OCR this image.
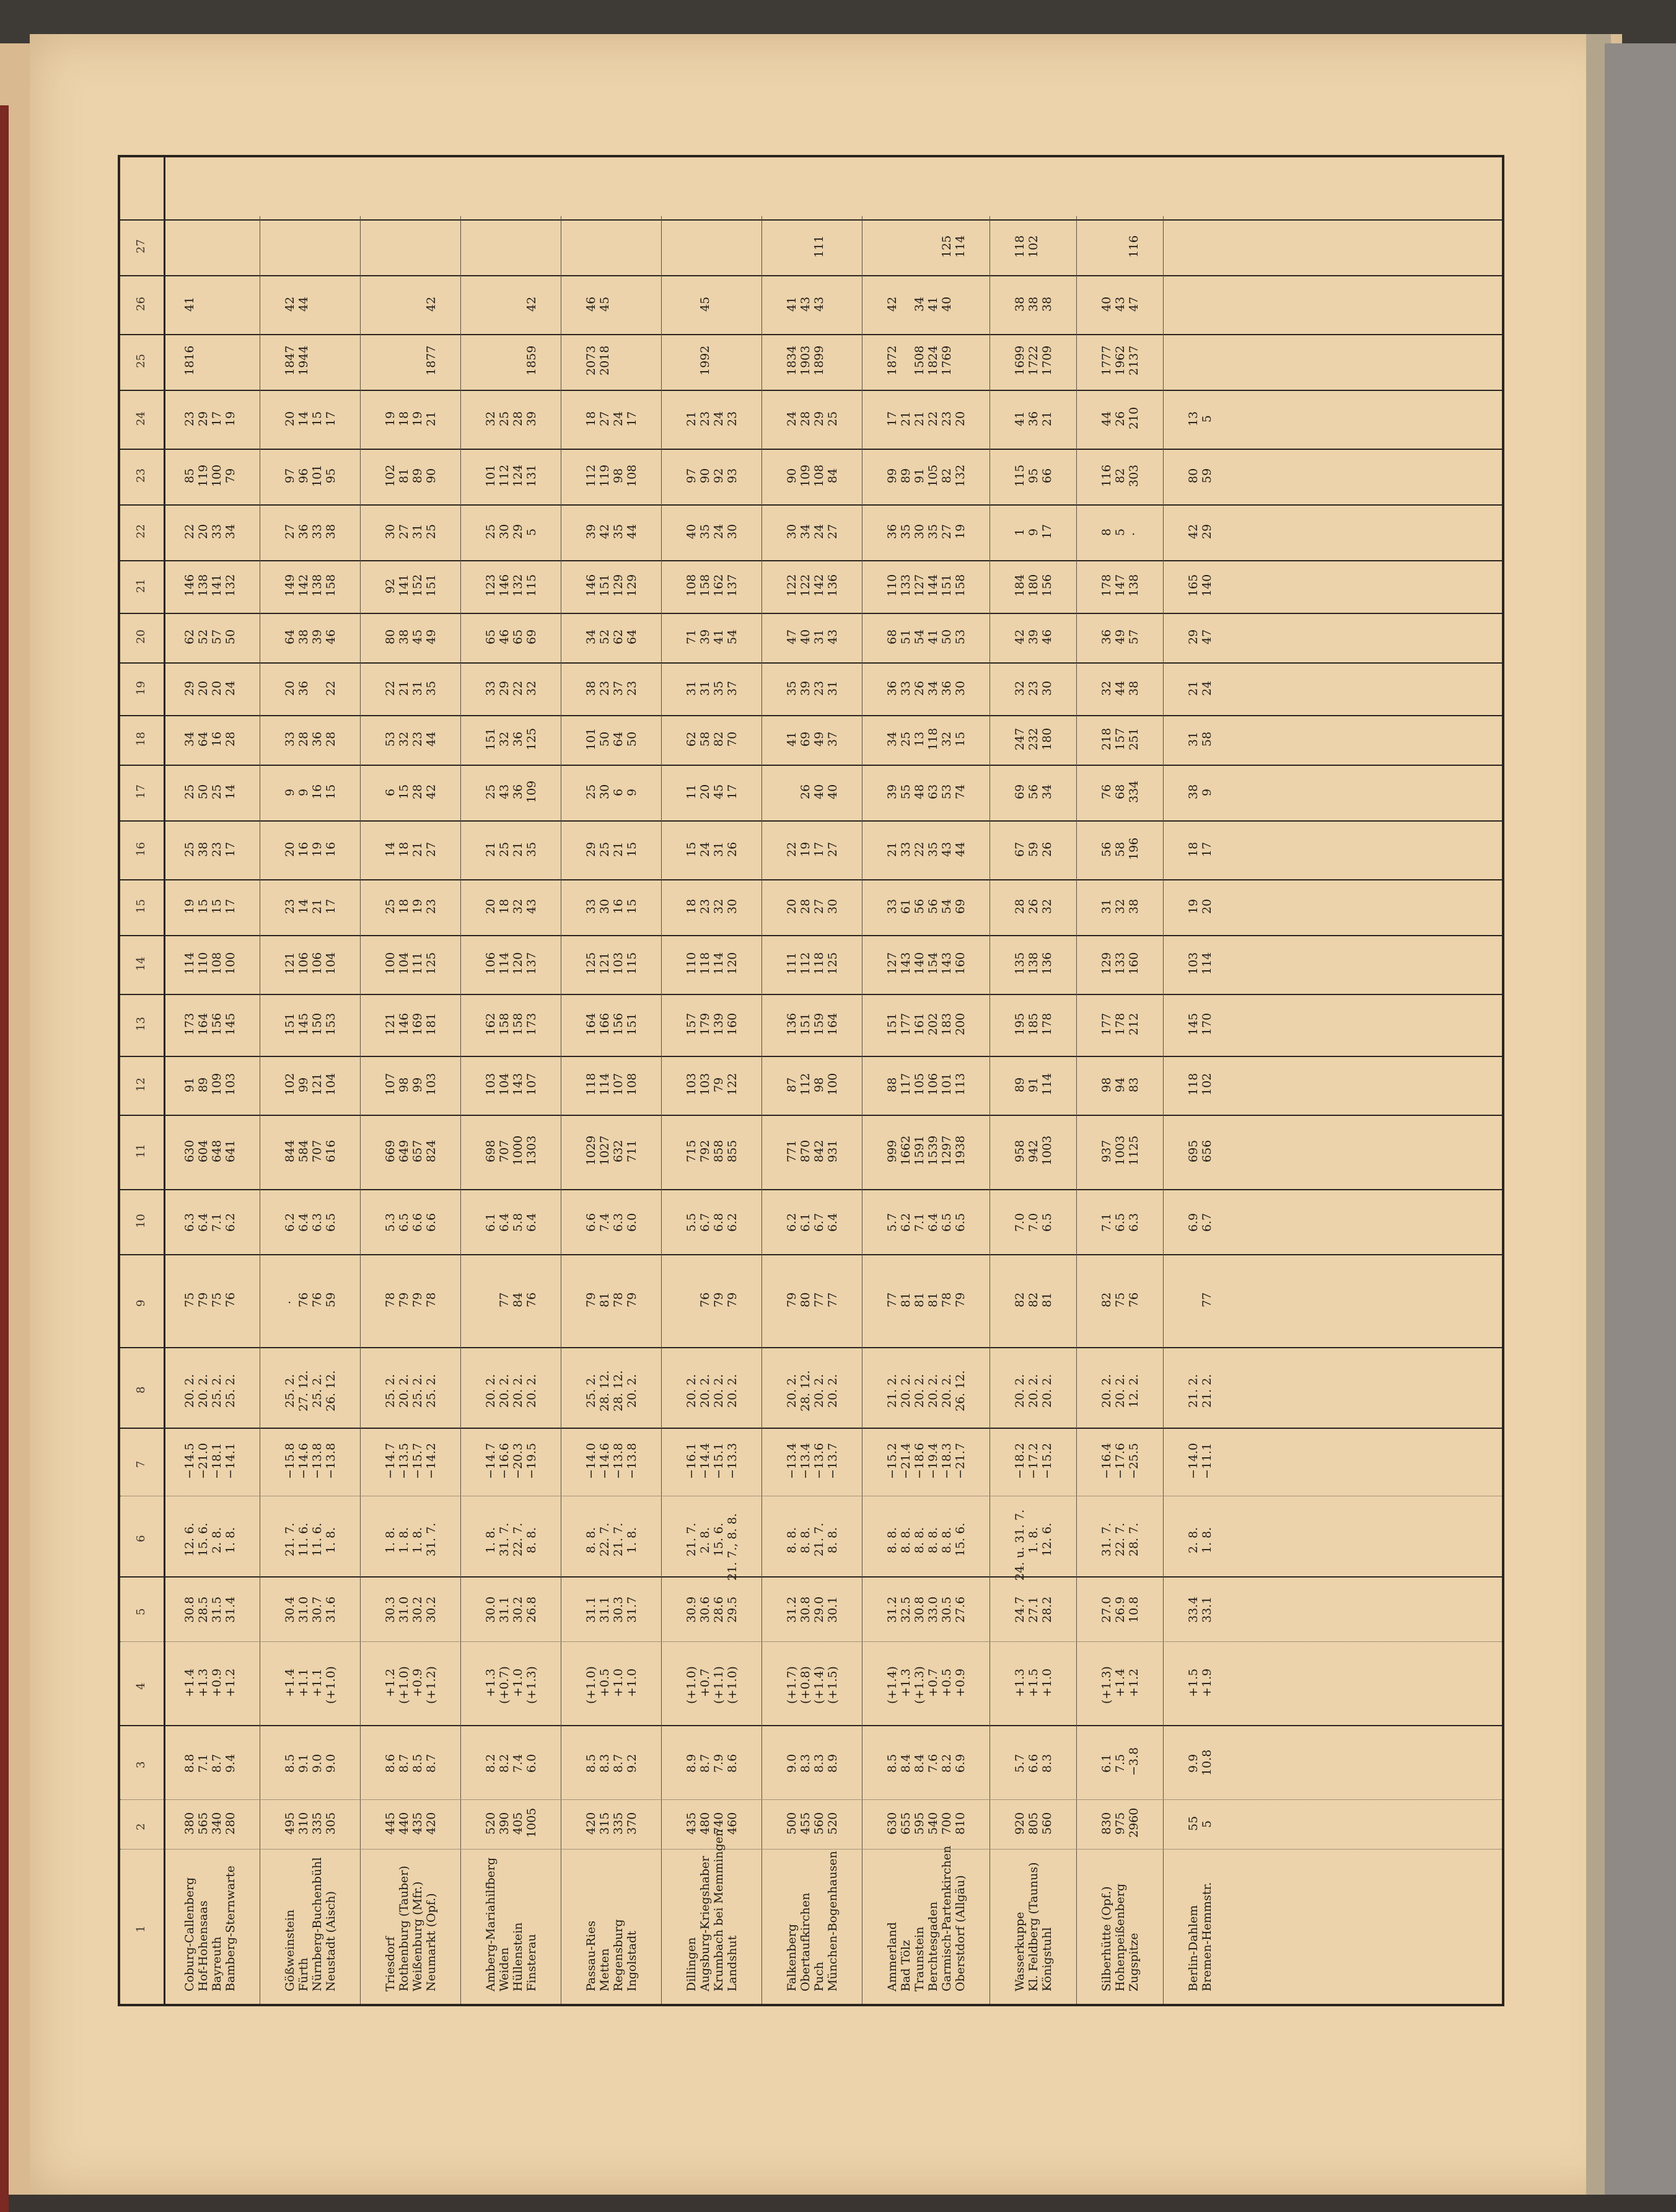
1
2
3
4
5
6
7
8
9
10
11
12
13
14
15
16
17
18
19
20
21
22
23
24
25
26
27
Coburg-Callenberg Hof-Hohensaas Bayreuth Bamberg-Sternwarte
380 565 340 280
8.8 7.1 8.7 9.4
+1.4 +1.3 +0.9 +1.2
30.8 28.5 31.5 31.4
12. 6. 15. 6. 2. 8. 1. 8.
−14.5 −21.0 −18.1 −14.1
20. 2. 20. 2. 25. 2. 25. 2.
75 79 75 76
6.3 6.4 7.1 6.2
630 604 648 641
91 89 109 103
173 164 156 145
114 110 108 100
19 15 15 17
25 38 23 17
25 50 25 14
34 64 16 28
29 20 20 24
62 52 57 50
146 138 141 132
22 20 33 34
85 119 100 79
23 29 17 19
1816
41
Gößweinstein Fürth Nürnberg-Buchenbühl Neustadt (Aisch)
495 310 335 305
8.5 9.1 9.0 9.0
+1.4 +1.1 +1.1 (+1.0)
30.4 31.0 30.7 31.6
21. 7. 11. 6. 11. 6. 1. 8.
−15.8 −14.6 −13.8 −13.8
25. 2. 27. 12. 25. 2. 26. 12.
· 76 76 59
6.2 6.4 6.3 6.5
844 584 707 616
102 99 121 104
151 145 150 153
121 106 106 104
23 14 21 17
20 16 19 16
9 9 16 15
33 28 36 28
20 36 22
64 38 39 46
149 142 138 158
27 36 33 38
97 96 101 95
20 14 15 17
1847 1944
42 44
Triesdorf Rothenburg (Tauber) Weißenburg (Mfr.) Neumarkt (Opf.)
445 440 435 420
8.6 8.7 8.5 8.7
+1.2 (+1.0) +0.9 (+1.2)
30.3 31.0 30.2 30.2
1. 8. 1. 8. 1. 8. 31. 7.
−14.7 −13.5 −15.7 −14.2
25. 2. 20. 2. 25. 2. 25. 2.
78 79 79 78
5.3 6.5 6.6 6.6
669 649 657 824
107 98 99 103
121 146 169 181
100 104 111 125
25 18 19 23
14 18 21 27
6 15 28 42
53 32 23 44
22 21 31 35
80 38 45 49
92 141 152 151
30 27 31 25
102 81 89 90
19 18 19 21
1877
42
Amberg-Mariahilfberg Weiden Hüllenstein Finsterau
520 390 405 1005
8.2 8.2 7.4 6.0
+1.3 (+0.7) +1.0 (+1.3)
30.0 31.1 30.2 26.8
1. 8. 31. 7. 22. 7. 8. 8.
−14.7 −16.6 −20.3 −19.5
20. 2. 20. 2. 20. 2. 20. 2.
77 84 76
6.1 6.4 5.8 6.4
698 707 1000 1303
103 104 143 107
162 158 158 173
106 114 120 137
20 18 32 43
21 25 21 35
25 43 36 109
151 32 36 125
33 29 22 32
65 46 65 69
123 146 132 115
25 30 29 5
101 112 124 131
32 25 28 39
1859
42
Passau-Ries Metten Regensburg Ingolstadt
420 315 335 370
8.5 8.3 8.7 9.2
(+1.0) +0.5 +1.0 +1.0
31.1 31.1 30.3 31.7
8. 8. 22. 7. 21. 7. 1. 8.
−14.0 −14.6 −13.8 −13.8
25. 2. 28. 12. 28. 12. 20. 2.
79 81 78 79
6.6 7.4 6.3 6.0
1029 1027 632 711
118 114 107 108
164 166 156 151
125 121 103 115
33 30 16 15
29 25 21 15
25 30 6 9
101 50 64 50
38 23 37 23
34 52 62 64
146 151 129 129
39 42 35 44
112 119 98 108
18 27 24 17
2073 2018
46 45
Dillingen Augsburg-Kriegshaber Krumbach bei Memmingen Landshut
435 480 740 460
8.9 8.7 7.9 8.6
(+1.0) +0.7 (+1.1) (+1.0)
30.9 30.6 28.6 29.5
21. 7. 2. 8. 15. 6. 21. 7., 8. 8.
−16.1 −14.4 −15.1 −13.3
20. 2. 20. 2. 20. 2. 20. 2.
76 79 79
5.5 6.7 6.8 6.2
715 792 858 855
103 103 79 122
157 179 139 160
110 118 114 120
18 23 32 30
15 24 31 26
11 20 45 17
62 58 82 70
31 31 35 37
71 39 41 54
108 158 162 137
40 35 24 30
97 90 92 93
21 23 24 23
1992
45
Falkenberg Obertaufkirchen Puch München-Bogenhausen
500 455 560 520
9.0 8.3 8.3 8.9
(+1.7) (+0.8) (+1.4) (+1.5)
31.2 30.8 29.0 30.1
8. 8. 8. 8. 21. 7. 8. 8.
−13.4 −13.4 −13.6 −13.7
20. 2. 28. 12. 20. 2. 20. 2.
79 80 77 77
6.2 6.1 6.7 6.4
771 870 842 931
87 112 98 100
136 151 159 164
111 112 118 125
20 28 27 30
22 19 17 27
26 40 40
41 69 49 37
35 39 23 31
47 40 31 43
122 122 142 136
30 34 24 27
90 109 108 84
24 28 29 25
1834 1903 1899
41 43 43
111
Ammerland Bad Tölz Traunstein Berchtesgaden Garmisch-Partenkirchen Oberstdorf (Allgäu)
630 655 595 540 700 810
8.5 8.4 8.4 7.6 8.2 6.9
(+1.4) +1.3 (+1.3) +0.7 +0.5 +0.9
31.2 32.5 30.8 33.0 30.5 27.6
8. 8. 8. 8. 8. 8. 8. 8. 8. 8. 15. 6.
−15.2 −21.4 −18.6 −19.4 −18.3 −21.7
21. 2. 20. 2. 20. 2. 20. 2. 20. 2. 26. 12.
77 81 81 81 78 79
5.7 6.2 7.1 6.4 6.5 6.5
999 1662 1591 1539 1297 1938
88 117 105 106 101 113
151 177 161 202 183 200
127 143 140 154 143 160
33 61 56 56 54 69
21 33 22 35 43 44
39 55 48 63 53 74
34 25 13 118 32 15
36 33 26 34 36 30
68 51 54 41 50 53
110 133 127 144 151 158
36 35 30 35 27 19
99 89 91 105 82 132
17 21 21 22 23 20
1872 1508 1824 1769
42 34 41 40
125 114
Wasserkuppe Kl. Feldberg (Taunus) Königstuhl
920 805 560
5.7 6.6 8.3
+1.3 +1.5 +1.0
24.7 27.1 28.2
24. u. 31. 7. 1. 8. 12. 6.
−18.2 −17.2 −15.2
20. 2. 20. 2. 20. 2.
82 82 81
7.0 7.0 6.5
958 942 1003
89 91 114
195 185 178
135 138 136
28 26 32
67 59 26
69 56 34
247 232 180
32 23 30
42 39 46
184 180 156
1 9 17
115 95 66
41 36 21
1699 1722 1709
38 38 38
118 102
Silberhütte (Opf.) Hohenpeißenberg Zugspitze
830 975 2960
6.1 7.5 −3.8
(+1.3) +1.4 +1.2
27.0 26.9 10.8
31. 7. 22. 7. 28. 7.
−16.4 −17.6 −25.5
20. 2. 20. 2. 12. 2.
82 75 76
7.1 6.5 6.3
937 1003 1125
98 94 83
177 178 212
129 133 160
31 32 38
56 58 196
76 68 334
218 157 251
32 44 38
36 49 57
178 147 138
8 5 ·
116 82 303
44 26 210
1777 1962 2137
40 43 47
116
Berlin-Dahlem Bremen-Hemmstr.
55 5
9.9 10.8
+1.5 +1.9
33.4 33.1
2. 8. 1. 8.
−14.0 −11.1
21. 2. 21. 2.
77
6.9 6.7
695 656
118 102
145 170
103 114
19 20
18 17
38 9
31 58
21 24
29 47
165 140
42 29
80 59
13 5
